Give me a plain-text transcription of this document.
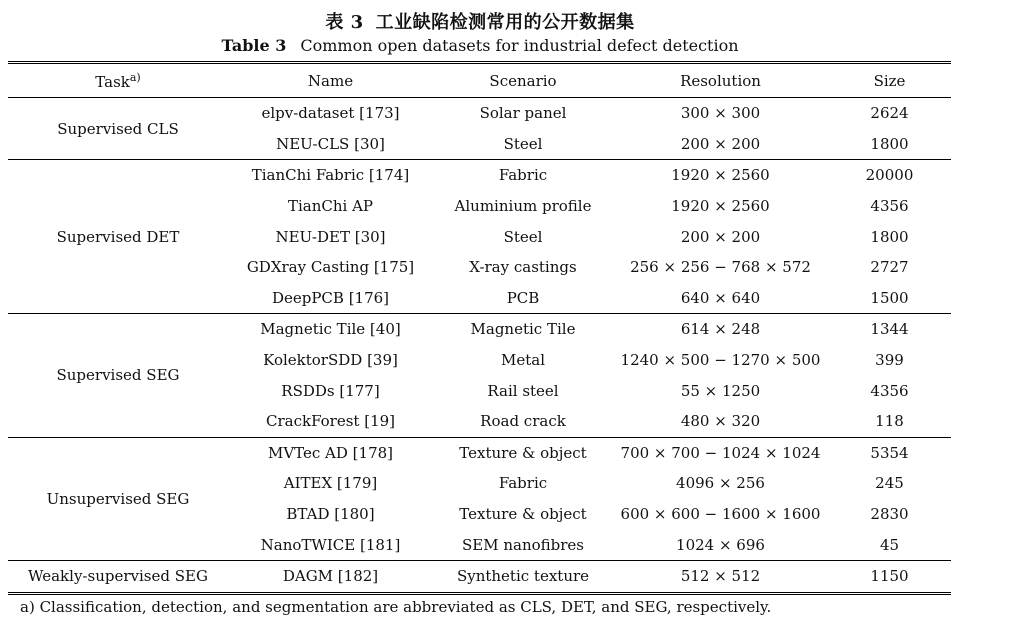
表 3 工业缺陷检测常用的公开数据集
Table 3 Common open datasets for industrial defect detection
Task$^{a)}$	Name	Scenario	Resolution	Size
Supervised CLS	elpv-dataset [173]	Solar panel	300 × 300	2624
	NEU-CLS [30]	Steel	200 × 200	1800
Supervised DET	TianChi Fabric [174]	Fabric	1920 × 2560	20000
	TianChi AP	Aluminium profile	1920 × 2560	4356
	NEU-DET [30]	Steel	200 × 200	1800
	GDXray Casting [175]	X-ray castings	256 × 256 − 768 × 572	2727
	DeepPCB [176]	PCB	640 × 640	1500
Supervised SEG	Magnetic Tile [40]	Magnetic Tile	614 × 248	1344
	KolektorSDD [39]	Metal	1240 × 500 − 1270 × 500	399
	RSDDs [177]	Rail steel	55 × 1250	4356
	CrackForest [19]	Road crack	480 × 320	118
Unsupervised SEG	MVTec AD [178]	Texture & object	700 × 700 − 1024 × 1024	5354
	AITEX [179]	Fabric	4096 × 256	245
	BTAD [180]	Texture & object	600 × 600 − 1600 × 1600	2830
	NanoTWICE [181]	SEM nanofibres	1024 × 696	45
Weakly-supervised SEG	DAGM [182]	Synthetic texture	512 × 512	1150
a) Classification, detection, and segmentation are abbreviated as CLS, DET, and SEG, respectively.
